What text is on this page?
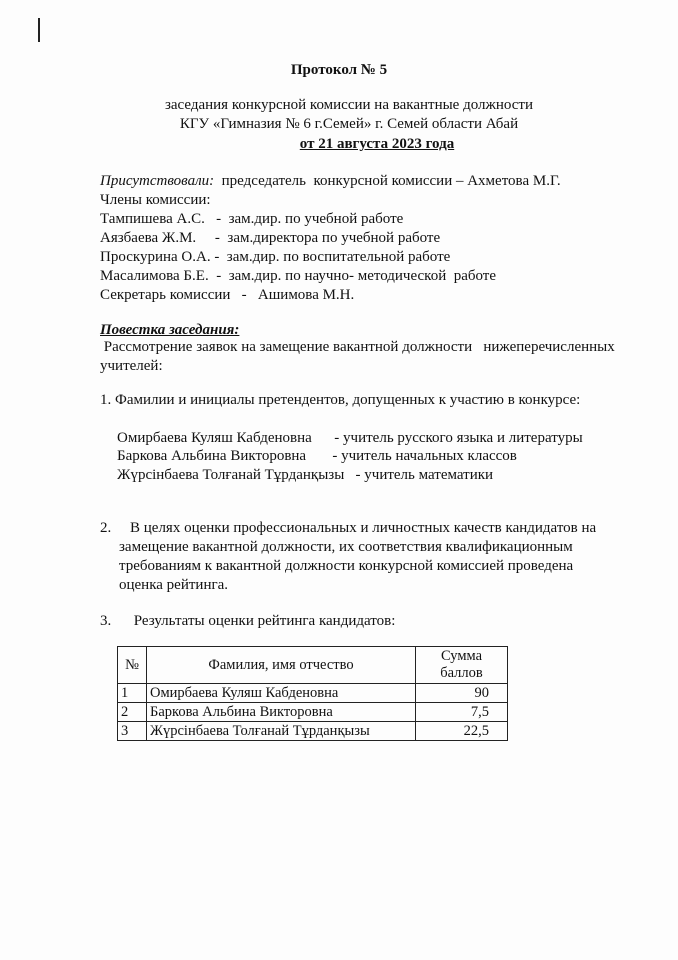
Протокол № 5
заседания конкурсной комиссии на вакантные должности
КГУ «Гимназия № 6 г.Семей» г. Семей области Абай
от 21 августа 2023 года
Присутствовали:  председатель  конкурсной комиссии – Ахметова М.Г.
Члены комиссии:
Тампишева А.С.   -  зам.дир. по учебной работе
Аязбаева Ж.М.     -  зам.директора по учебной работе
Проскурина О.А. -  зам.дир. по воспитательной работе
Масалимова Б.Е.  -  зам.дир. по научно- методической  работе
Секретарь комиссии   -   Ашимова М.Н.
Повестка заседания:
Рассмотрение заявок на замещение вакантной должности   нижеперечисленных
учителей:
1. Фамилии и инициалы претендентов, допущенных к участию в конкурсе:
Омирбаева Куляш Кабденовна      - учитель русского языка и литературы
Баркова Альбина Викторовна       - учитель начальных классов
Жүрсінбаева Толғанай Тұрданқызы   - учитель математики
2.     В целях оценки профессиональных и личностных качеств кандидатов на
замещение вакантной должности, их соответствия квалификационным
требованиям к вакантной должности конкурсной комиссией проведена
оценка рейтинга.
3.      Результаты оценки рейтинга кандидатов:
№	Фамилия, имя отчество	Сумма баллов
1	Омирбаева Куляш Кабденовна	90
2	Баркова Альбина Викторовна	7,5
3	Жүрсінбаева Толғанай Тұрданқызы	22,5
